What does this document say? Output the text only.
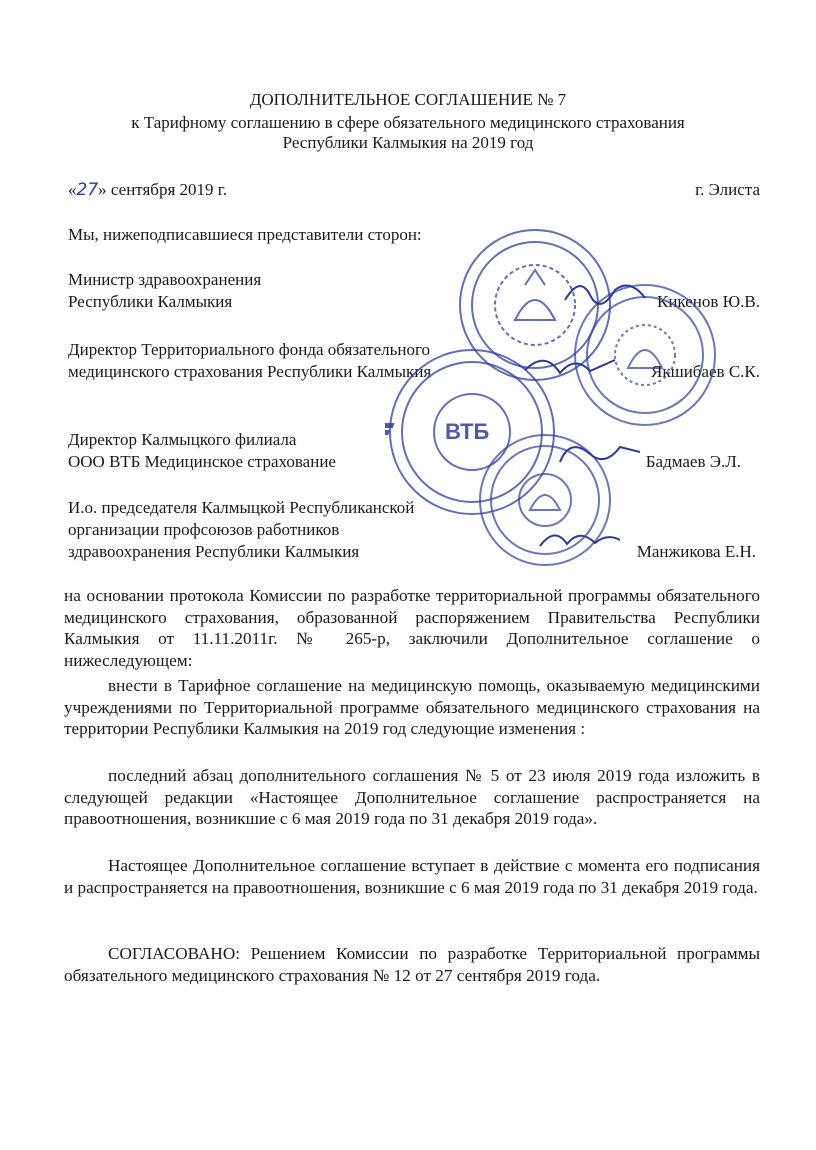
ДОПОЛНИТЕЛЬНОЕ СОГЛАШЕНИЕ № 7
к Тарифному соглашению в сфере обязательного медицинского страхования
Республики Калмыкия на 2019 год
«27» сентября 2019 г.	г. Элиста
Мы, нижеподписавшиеся представители сторон:
Министр здравоохранения
Республики Калмыкия	Кикенов Ю.В.
Директор Территориального фонда обязательного
медицинского страхования Республики Калмыкия	Якшибаев С.К.
Директор Калмыцкого филиала
ООО ВТБ Медицинское страхование	Бадмаев Э.Л.
И.о. председателя Калмыцкой Республиканской
организации профсоюзов работников
здравоохранения Республики Калмыкия	Манжикова Е.Н.
на основании протокола Комиссии по разработке территориальной программы обязательного медицинского страхования, образованной распоряжением Правительства Республики Калмыкия от 11.11.2011г. № 265-р, заключили Дополнительное соглашение о нижеследующем:
внести в Тарифное соглашение на медицинскую помощь, оказываемую медицинскими учреждениями по Территориальной программе обязательного медицинского страхования на территории Республики Калмыкия на 2019 год следующие изменения :
последний абзац дополнительного соглашения № 5 от 23 июля 2019 года изложить в следующей редакции «Настоящее Дополнительное соглашение распространяется на правоотношения, возникшие с 6 мая 2019 года по 31 декабря 2019 года».
Настоящее Дополнительное соглашение вступает в действие с момента его подписания и распространяется на правоотношения, возникшие с 6 мая 2019 года по 31 декабря 2019 года.
СОГЛАСОВАНО: Решением Комиссии по разработке Территориальной программы обязательного медицинского страхования № 12 от 27 сентября 2019 года.
ВТБ
